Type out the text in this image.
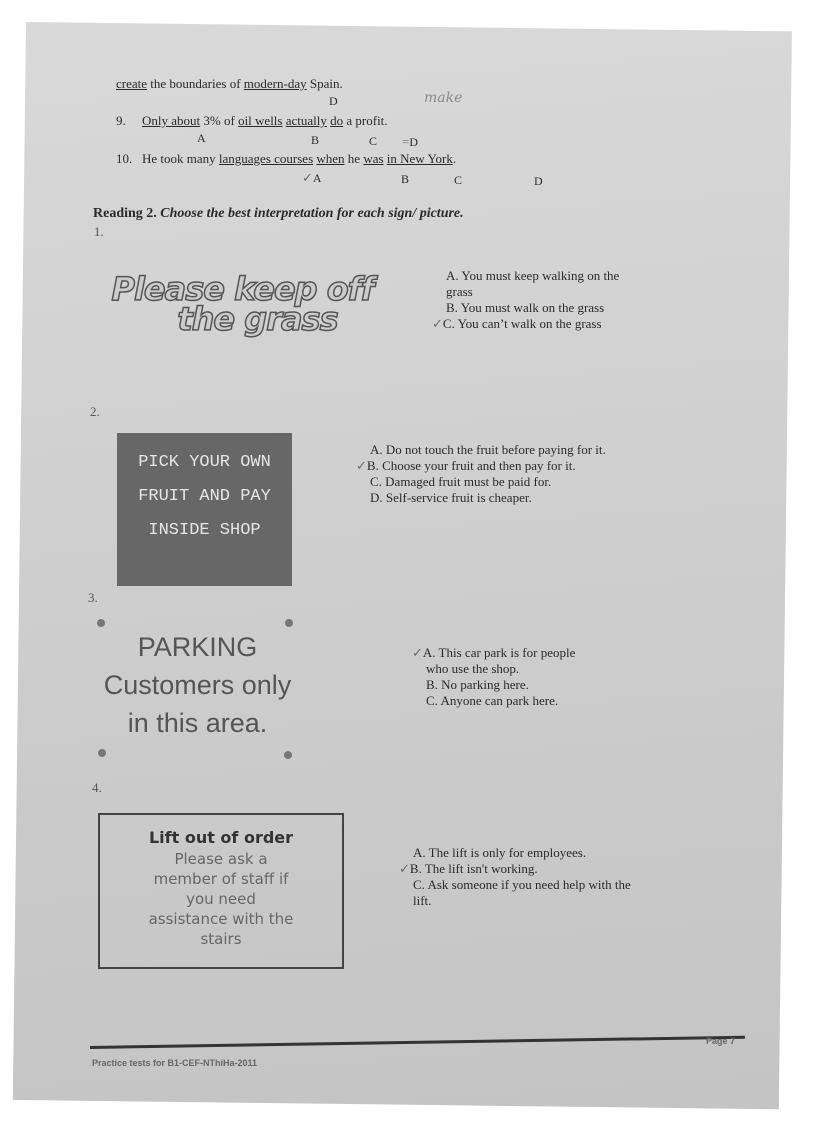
create the boundaries of modern-day Spain.
D	make
9. Only about 3% of oil wells actually do a profit.
A	B	C =D
10. He took many languages courses when he was in New York.
✓A	B	C	D
Reading 2. Choose the best interpretation for each sign/ picture.
1.
Please keep off
the grass
A. You must keep walking on the
grass
B. You must walk on the grass
✓C. You can’t walk on the grass
2.
PICK YOUR OWN
FRUIT AND PAY
INSIDE SHOP
A. Do not touch the fruit before paying for it.
✓B. Choose your fruit and then pay for it.
C. Damaged fruit must be paid for.
D. Self-service fruit is cheaper.
3.
PARKING
Customers only
in this area.
✓A. This car park is for people
who use the shop.
B. No parking here.
C. Anyone can park here.
4.
Lift out of order
Please ask a
member of staff if
you need
assistance with the
stairs
A. The lift is only for employees.
✓B. The lift isn't working.
C. Ask someone if you need help with the
lift.
Practice tests for B1-CEF-NThiHa-2011
Page 7
